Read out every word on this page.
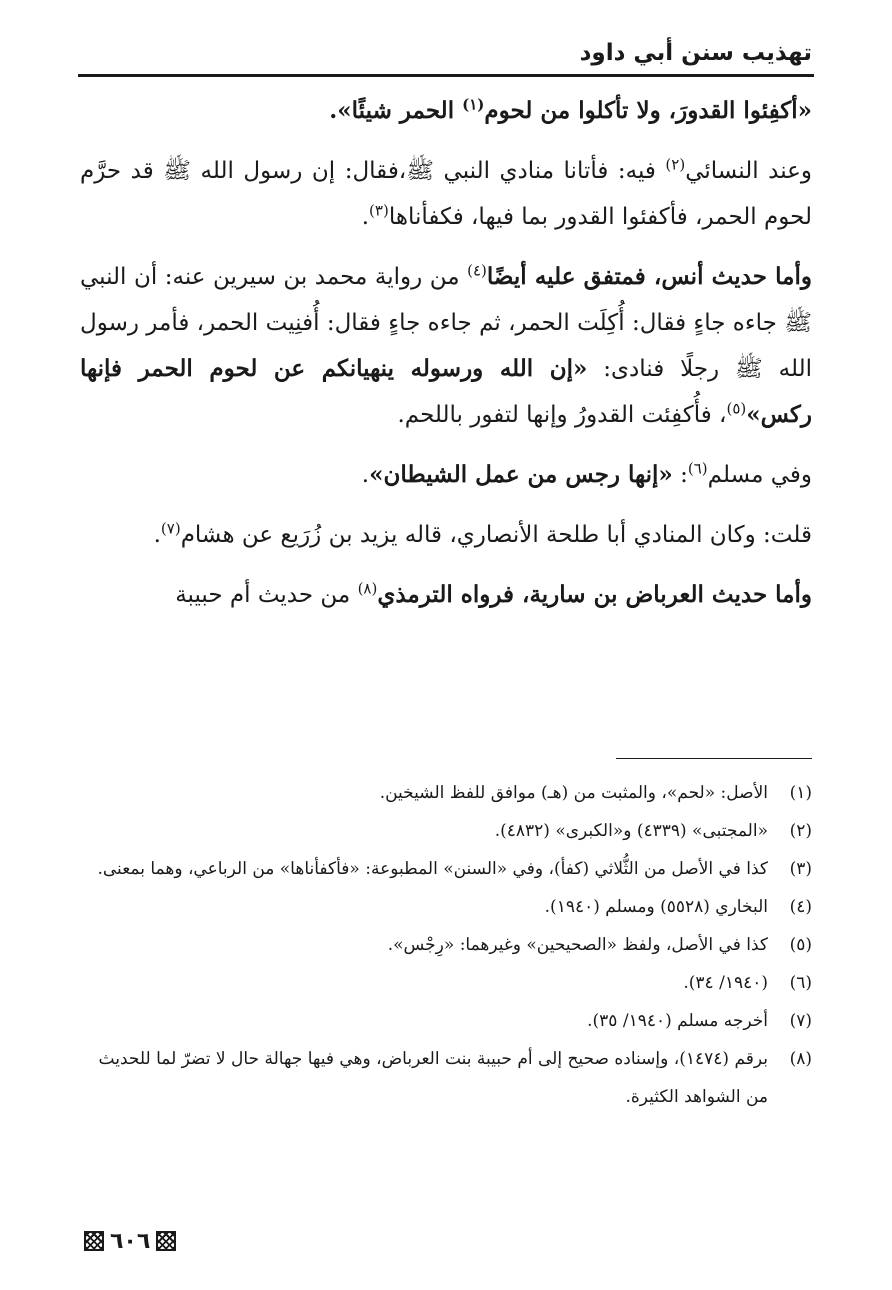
تهذيب سنن أبي داود

«أكفِئوا القدورَ، ولا تأكلوا من لحوم$^{(١)}$ الحمر شيئًا».

وعند النسائي$^{(٢)}$ فيه: فأتانا منادي النبي ﷺ،فقال: إن رسول الله ﷺ قد حرَّم لحوم الحمر، فأكفئوا القدور بما فيها، فكفأناها$^{(٣)}$.

وأما حديث أنس، فمتفق عليه أيضًا$^{(٤)}$ من رواية محمد بن سيرين عنه: أن النبي ﷺ جاءه جاءٍ فقال: أُكِلَت الحمر، ثم جاءه جاءٍ فقال: أُفنِيت الحمر، فأمر رسول الله ﷺ رجلًا فنادى: «إن الله ورسوله ينهيانكم عن لحوم الحمر فإنها ركس»$^{(٥)}$، فأُكفِئت القدورُ وإنها لتفور باللحم.

وفي مسلم$^{(٦)}$: «إنها رجس من عمل الشيطان».

قلت: وكان المنادي أبا طلحة الأنصاري، قاله يزيد بن زُرَيع عن هشام$^{(٧)}$.

وأما حديث العرباض بن سارية، فرواه الترمذي$^{(٨)}$ من حديث أم حبيبة

(١)
الأصل: «لحم»، والمثبت من (هـ) موافق للفظ الشيخين.
(٢)
«المجتبى» (٤٣٣٩) و«الكبرى» (٤٨٣٢).
(٣)
كذا في الأصل من الثُّلاثي (كفأ)، وفي «السنن» المطبوعة: «فأكفأناها» من الرباعي، وهما بمعنى.
(٤)
البخاري (٥٥٢٨) ومسلم (١٩٤٠).
(٥)
كذا في الأصل، ولفظ «الصحيحين» وغيرهما: «رِجْس».
(٦)
(١٩٤٠/ ٣٤).
(٧)
أخرجه مسلم (١٩٤٠/ ٣٥).
(٨)
برقم (١٤٧٤)، وإسناده صحيح إلى أم حبيبة بنت العرباض، وهي فيها جهالة حال لا تضرّ لما للحديث من الشواهد الكثيرة.
٦٠٦
